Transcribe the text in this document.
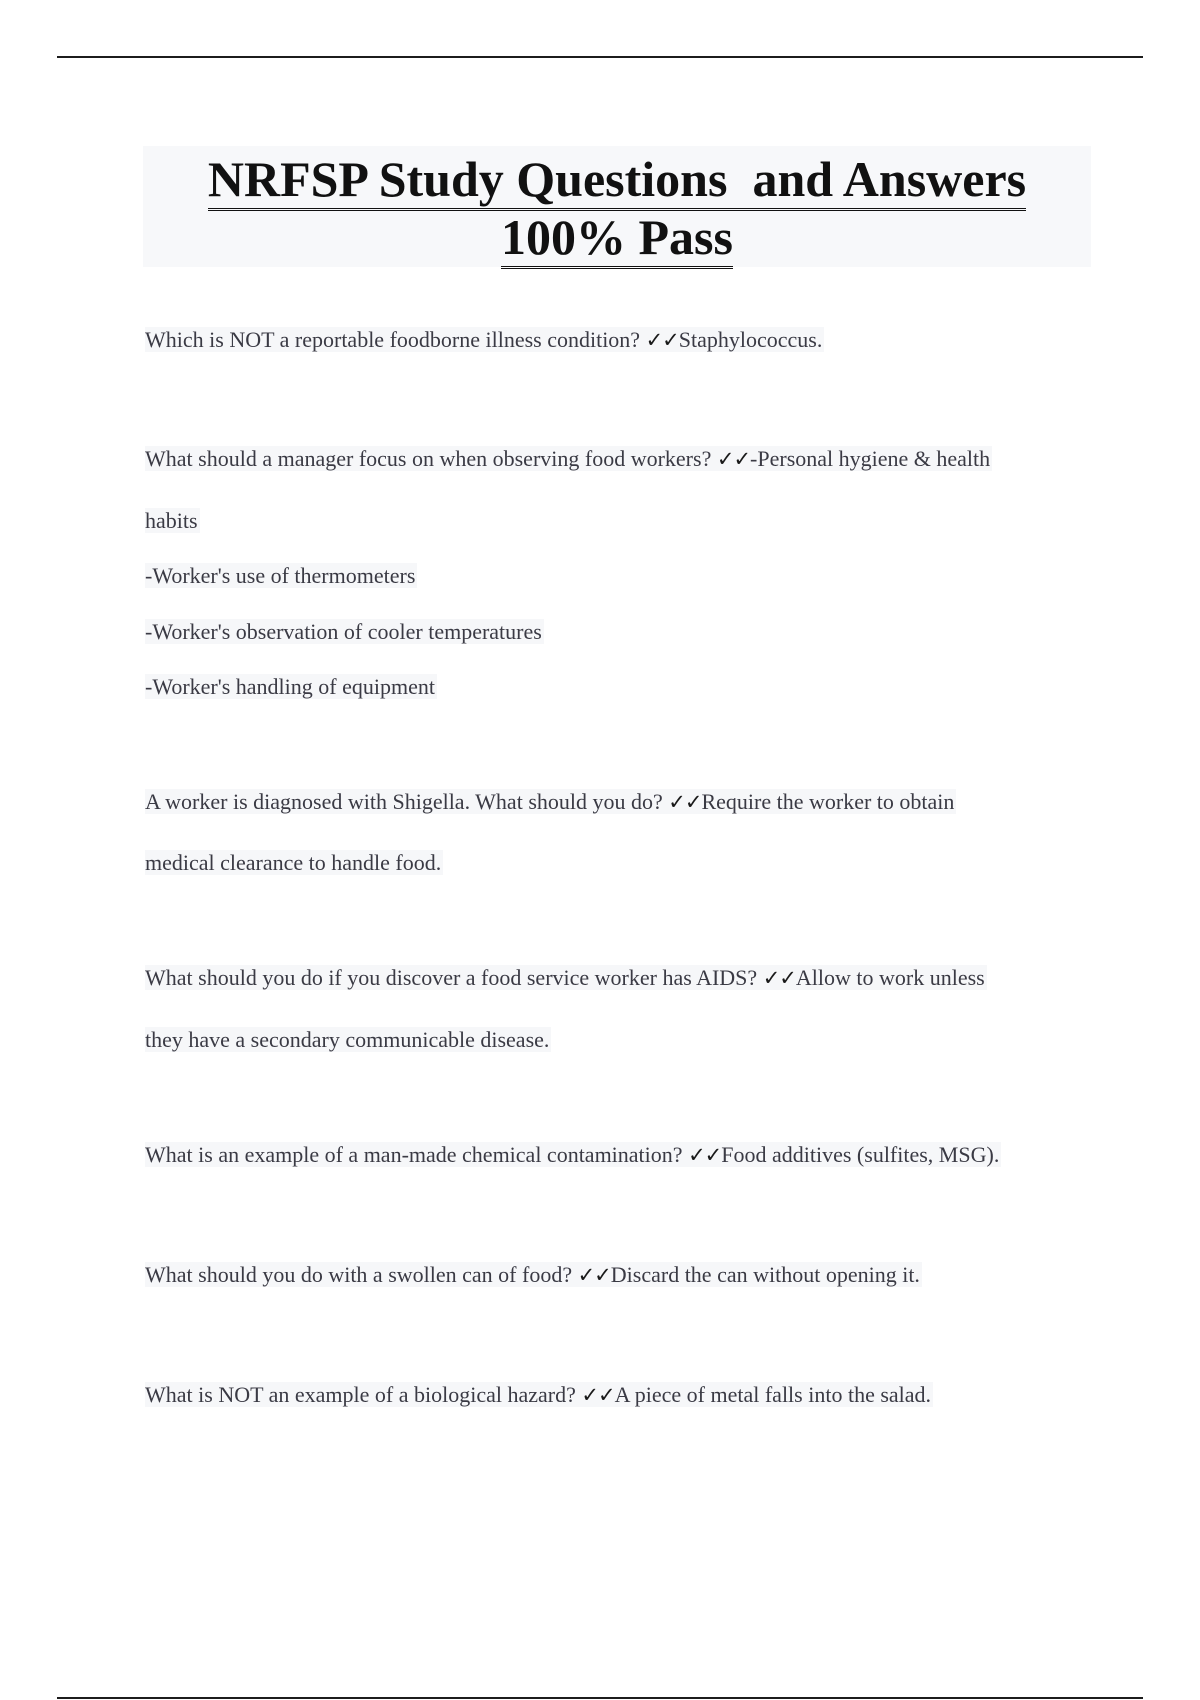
NRFSP Study Questions  and Answers
100% Pass
Which is NOT a reportable foodborne illness condition? ✓✓Staphylococcus.
What should a manager focus on when observing food workers? ✓✓-Personal hygiene & health
habits
-Worker's use of thermometers
-Worker's observation of cooler temperatures
-Worker's handling of equipment
A worker is diagnosed with Shigella. What should you do? ✓✓Require the worker to obtain
medical clearance to handle food.
What should you do if you discover a food service worker has AIDS? ✓✓Allow to work unless
they have a secondary communicable disease.
What is an example of a man-made chemical contamination? ✓✓Food additives (sulfites, MSG).
What should you do with a swollen can of food? ✓✓Discard the can without opening it.
What is NOT an example of a biological hazard? ✓✓A piece of metal falls into the salad.
